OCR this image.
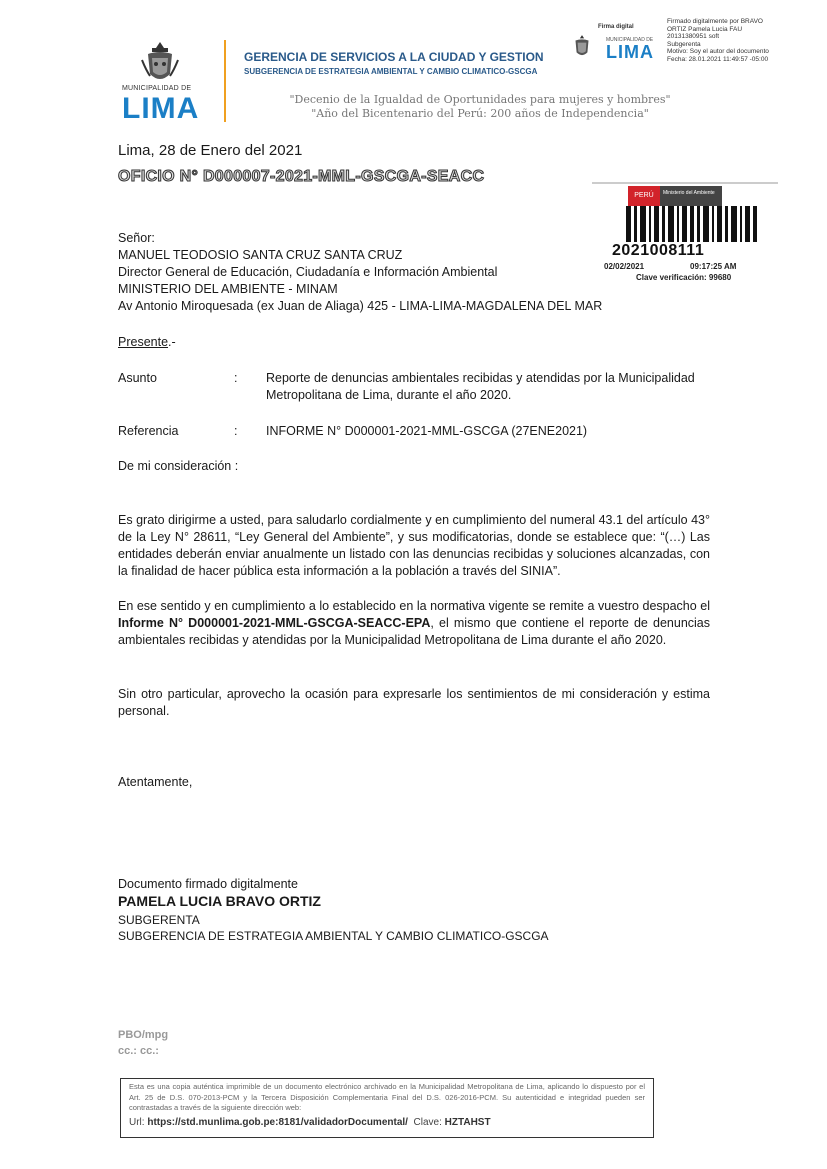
MUNICIPALIDAD DE
LIMA
GERENCIA DE SERVICIOS A LA CIUDAD Y GESTION
SUBGERENCIA DE ESTRATEGIA AMBIENTAL Y CAMBIO CLIMATICO-GSCGA
"Decenio de la Igualdad de Oportunidades para mujeres y hombres"
"Año del Bicentenario del Perú: 200 años de Independencia"
Firma digital
MUNICIPALIDAD DE
LIMA
Firmado digitalmente por BRAVO
ORTIZ Pamela Lucia FAU
20131380951 soft
Subgerenta
Motivo: Soy el autor del documento
Fecha: 28.01.2021 11:49:57 -05:00
PERÚ	Ministerio del Ambiente
2021008111
02/02/2021	09:17:25 AM
Clave verificación: 99680
Lima, 28 de Enero del 2021
OFICIO N° D000007-2021-MML-GSCGA-SEACC
Señor:
MANUEL TEODOSIO SANTA CRUZ SANTA CRUZ
Director General de Educación, Ciudadanía e Información Ambiental
MINISTERIO DEL AMBIENTE - MINAM
Av Antonio Miroquesada (ex Juan de Aliaga) 425 - LIMA-LIMA-MAGDALENA DEL MAR
Presente.-
Asunto	: Reporte de denuncias ambientales recibidas y atendidas por la Municipalidad
Metropolitana de Lima, durante el año 2020.
Referencia	: INFORME N° D000001-2021-MML-GSCGA (27ENE2021)
De mi consideración :
Es grato dirigirme a usted, para saludarlo cordialmente y en cumplimiento del numeral 43.1 del artículo 43° de la Ley N° 28611, “Ley General del Ambiente”, y sus modificatorias, donde se establece que: “(…) Las entidades deberán enviar anualmente un listado con las denuncias recibidas y soluciones alcanzadas, con la finalidad de hacer pública esta información a la población a través del SINIA”.
En ese sentido y en cumplimiento a lo establecido en la normativa vigente se remite a vuestro despacho el Informe N° D000001-2021-MML-GSCGA-SEACC-EPA, el mismo que contiene el reporte de denuncias ambientales recibidas y atendidas por la Municipalidad Metropolitana de Lima durante el año 2020.
Sin otro particular, aprovecho la ocasión para expresarle los sentimientos de mi consideración y estima personal.
Atentamente,
Documento firmado digitalmente
PAMELA LUCIA BRAVO ORTIZ
SUBGERENTA
SUBGERENCIA DE ESTRATEGIA AMBIENTAL Y CAMBIO CLIMATICO-GSCGA
PBO/mpg
cc.: cc.:
Esta es una copia auténtica imprimible de un documento electrónico archivado en la Municipalidad Metropolitana de Lima, aplicando lo dispuesto por el Art. 25 de D.S. 070-2013-PCM y la Tercera Disposición Complementaria Final del D.S. 026-2016-PCM. Su autenticidad e integridad pueden ser contrastadas a través de la siguiente dirección web:
Url: https://std.munlima.gob.pe:8181/validadorDocumental/ Clave: HZTAHST
